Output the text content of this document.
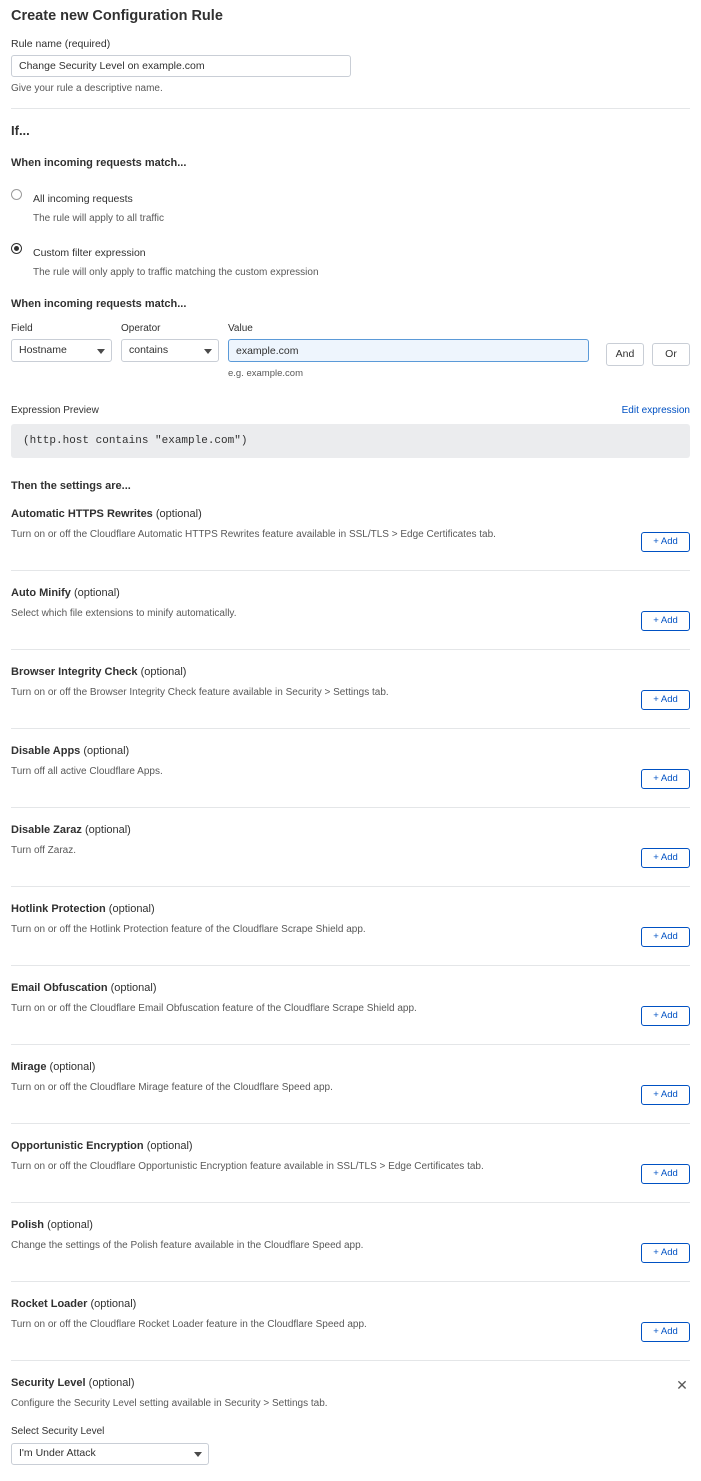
Create new Configuration Rule
Rule name (required)
Change Security Level on example.com
Give your rule a descriptive name.
If...
When incoming requests match...
All incoming requests
The rule will apply to all traffic
Custom filter expression
The rule will only apply to traffic matching the custom expression
When incoming requests match...
Field
Hostname
Operator
contains
Value
example.com
e.g. example.com
And	Or
Expression Preview	Edit expression
(http.host contains "example.com")
Then the settings are...
Automatic HTTPS Rewrites (optional)
Turn on or off the Cloudflare Automatic HTTPS Rewrites feature available in SSL/TLS > Edge Certificates tab.
+ Add
Auto Minify (optional)
Select which file extensions to minify automatically.
+ Add
Browser Integrity Check (optional)
Turn on or off the Browser Integrity Check feature available in Security > Settings tab.
+ Add
Disable Apps (optional)
Turn off all active Cloudflare Apps.
+ Add
Disable Zaraz (optional)
Turn off Zaraz.
+ Add
Hotlink Protection (optional)
Turn on or off the Hotlink Protection feature of the Cloudflare Scrape Shield app.
+ Add
Email Obfuscation (optional)
Turn on or off the Cloudflare Email Obfuscation feature of the Cloudflare Scrape Shield app.
+ Add
Mirage (optional)
Turn on or off the Cloudflare Mirage feature of the Cloudflare Speed app.
+ Add
Opportunistic Encryption (optional)
Turn on or off the Cloudflare Opportunistic Encryption feature available in SSL/TLS > Edge Certificates tab.
+ Add
Polish (optional)
Change the settings of the Polish feature available in the Cloudflare Speed app.
+ Add
Rocket Loader (optional)
Turn on or off the Cloudflare Rocket Loader feature in the Cloudflare Speed app.
+ Add
Security Level (optional)
Configure the Security Level setting available in Security > Settings tab.
✕
Select Security Level
I'm Under Attack
